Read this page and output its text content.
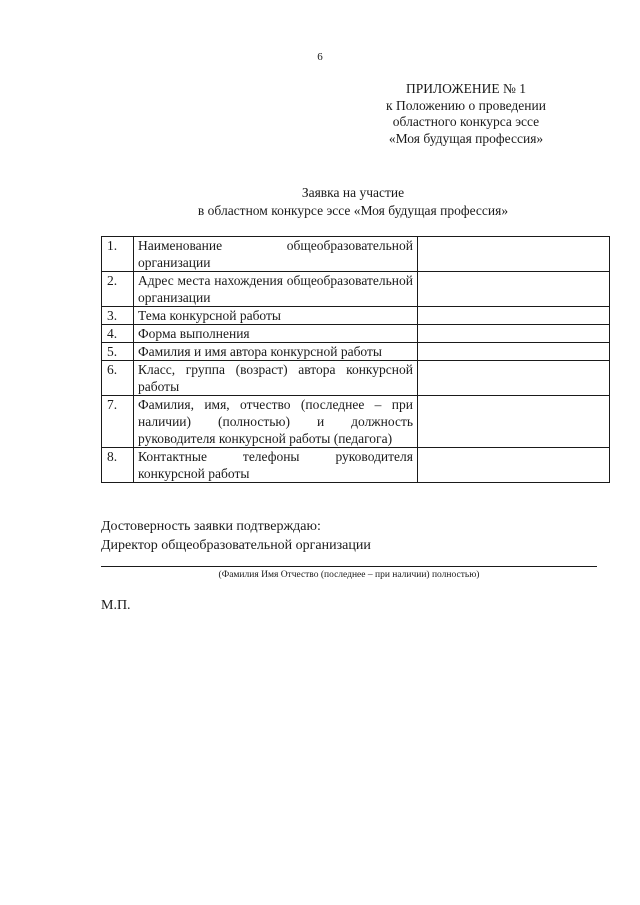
6
ПРИЛОЖЕНИЕ № 1
к Положению о проведении
областного конкурса эссе
«Моя будущая профессия»
Заявка на участие
в областном конкурсе эссе «Моя будущая профессия»
1.	Наименование общеобразовательной организации	
2.	Адрес места нахождения общеобразовательной организации	
3.	Тема конкурсной работы	
4.	Форма выполнения	
5.	Фамилия и имя автора конкурсной работы	
6.	Класс, группа (возраст) автора конкурсной работы	
7.	Фамилия, имя, отчество (последнее – при наличии) (полностью) и должность руководителя конкурсной работы (педагога)	
8.	Контактные телефоны руководителя конкурсной работы	
Достоверность заявки подтверждаю:
Директор общеобразовательной организации
(Фамилия Имя Отчество (последнее – при наличии) полностью)
М.П.
